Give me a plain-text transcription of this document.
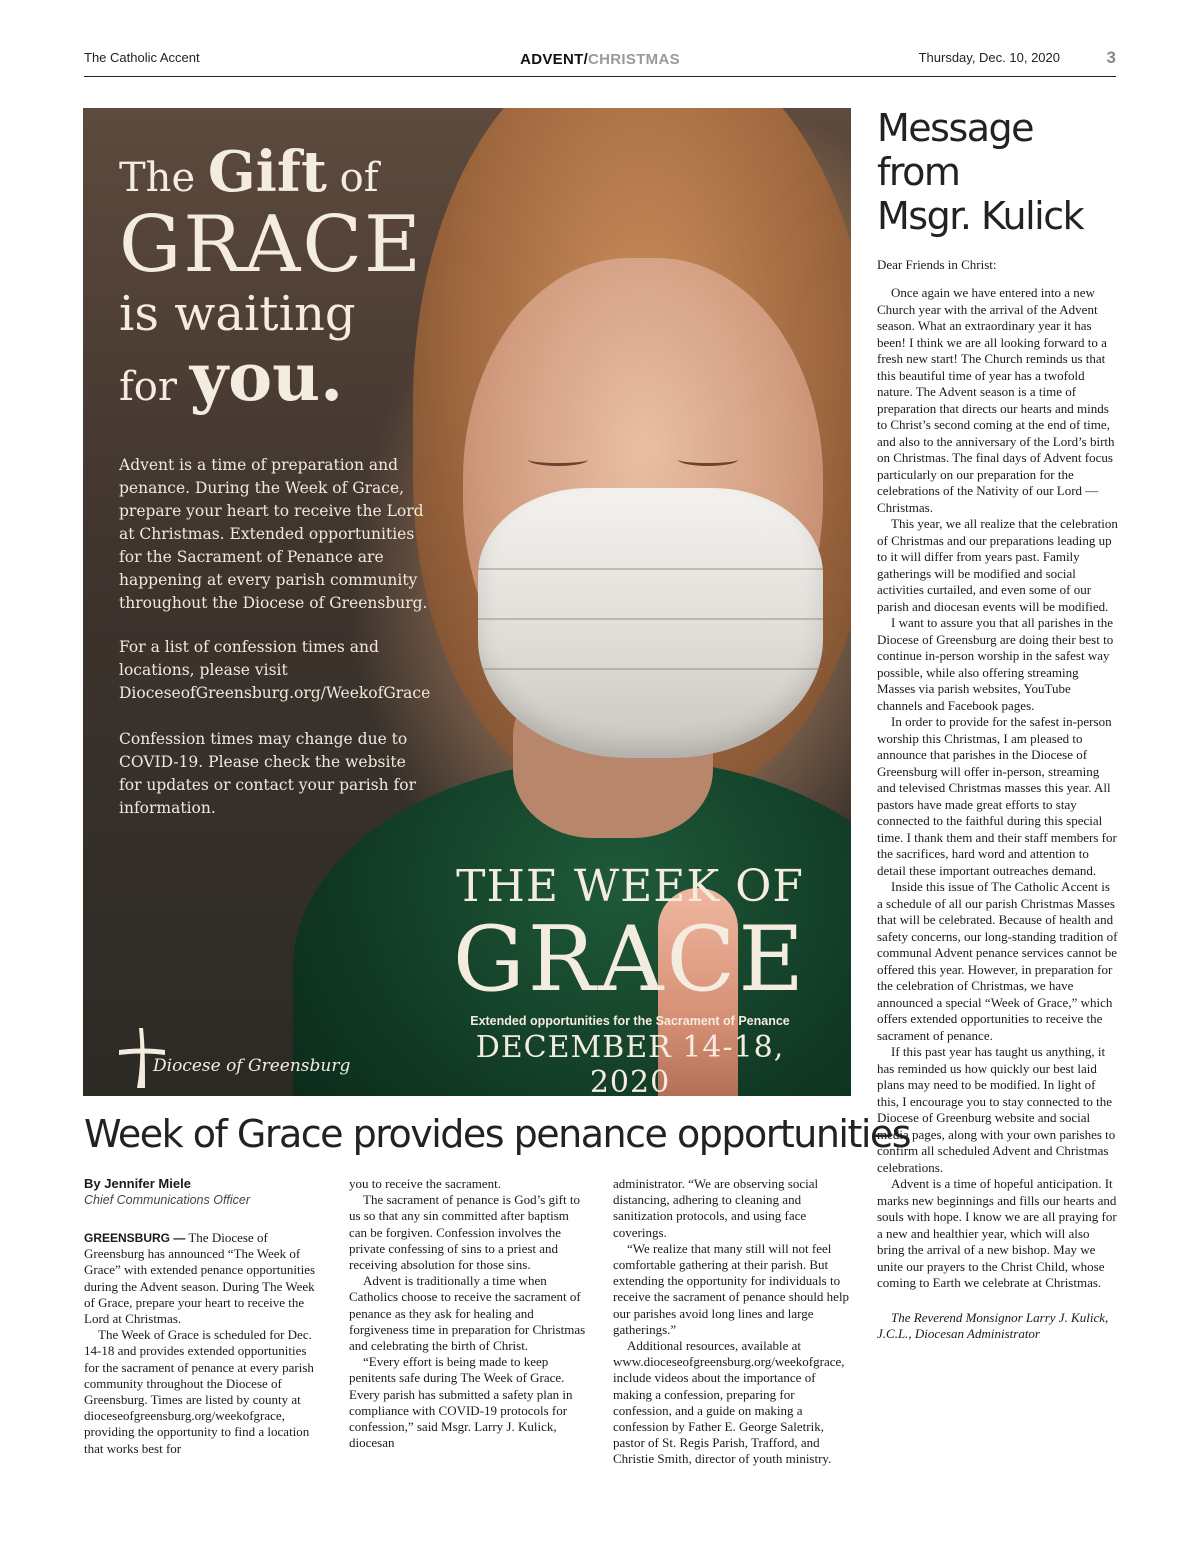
The Catholic Accent	ADVENT/CHRISTMAS	Thursday, Dec. 10, 2020	3
The Gift of
GRACE
is waiting
for you.
Advent is a time of preparation and penance. During the Week of Grace, prepare your heart to receive the Lord at Christmas. Extended opportunities for the Sacrament of Penance are happening at every parish community throughout the Diocese of Greensburg.
For a list of confession times and locations, please visit DioceseofGreensburg.org/WeekofGrace
Confession times may change due to COVID-19. Please check the website for updates or contact your parish for information.
THE WEEK OF
GRACE
Extended opportunities for the Sacrament of Penance
DECEMBER 14-18, 2020
Diocese of Greensburg
Message from
Msgr. Kulick
Dear Friends in Christ:

Once again we have entered into a new Church year with the arrival of the Advent season. What an extraordinary year it has been! I think we are all looking forward to a fresh new start! The Church reminds us that this beautiful time of year has a twofold nature. The Advent season is a time of preparation that directs our hearts and minds to Christ’s second coming at the end of time, and also to the anniversary of the Lord’s birth on Christmas. The final days of Advent focus particularly on our preparation for the celebrations of the Nativity of our Lord — Christmas.

This year, we all realize that the celebration of Christmas and our preparations leading up to it will differ from years past. Family gatherings will be modified and social activities curtailed, and even some of our parish and diocesan events will be modified.

I want to assure you that all parishes in the Diocese of Greensburg are doing their best to continue in-person worship in the safest way possible, while also offering streaming Masses via parish websites, YouTube channels and Facebook pages.

In order to provide for the safest in-person worship this Christmas, I am pleased to announce that parishes in the Diocese of Greensburg will offer in-person, streaming and televised Christmas masses this year. All pastors have made great efforts to stay connected to the faithful during this special time. I thank them and their staff members for the sacrifices, hard word and attention to detail these important outreaches demand.

Inside this issue of The Catholic Accent is a schedule of all our parish Christmas Masses that will be celebrated. Because of health and safety concerns, our long-standing tradition of communal Advent penance services cannot be offered this year. However, in preparation for the celebration of Christmas, we have announced a special “Week of Grace,” which offers extended opportunities to receive the sacrament of penance.

If this past year has taught us anything, it has reminded us how quickly our best laid plans may need to be modified. In light of this, I encourage you to stay connected to the Diocese of Greenburg website and social media pages, along with your own parishes to confirm all scheduled Advent and Christmas celebrations.

Advent is a time of hopeful anticipation. It marks new beginnings and fills our hearts and souls with hope. I know we are all praying for a new and healthier year, which will also bring the arrival of a new bishop. May we unite our prayers to the Christ Child, whose coming to Earth we celebrate at Christmas.

The Reverend Monsignor Larry J. Kulick, J.C.L., Diocesan Administrator
Week of Grace provides penance opportunities
By Jennifer Miele
Chief Communications Officer

GREENSBURG — The Diocese of Greensburg has announced “The Week of Grace” with extended penance opportunities during the Advent season. During The Week of Grace, prepare your heart to receive the Lord at Christmas.

The Week of Grace is scheduled for Dec. 14-18 and provides extended opportunities for the sacrament of penance at every parish community throughout the Diocese of Greensburg. Times are listed by county at dioceseofgreensburg.org/weekofgrace, providing the opportunity to find a location that works best for

you to receive the sacrament.

The sacrament of penance is God’s gift to us so that any sin committed after baptism can be forgiven. Confession involves the private confessing of sins to a priest and receiving absolution for those sins.

Advent is traditionally a time when Catholics choose to receive the sacrament of penance as they ask for healing and forgiveness time in preparation for Christmas and celebrating the birth of Christ.

“Every effort is being made to keep penitents safe during The Week of Grace. Every parish has submitted a safety plan in compliance with COVID-19 protocols for confession,” said Msgr. Larry J. Kulick, diocesan

administrator. “We are observing social distancing, adhering to cleaning and sanitization protocols, and using face coverings.

“We realize that many still will not feel comfortable gathering at their parish. But extending the opportunity for individuals to receive the sacrament of penance should help our parishes avoid long lines and large gatherings.”

Additional resources, available at www.dioceseofgreensburg.org/weekofgrace, include videos about the importance of making a confession, preparing for confession, and a guide on making a confession by Father E. George Saletrik, pastor of St. Regis Parish, Trafford, and Christie Smith, director of youth ministry.
